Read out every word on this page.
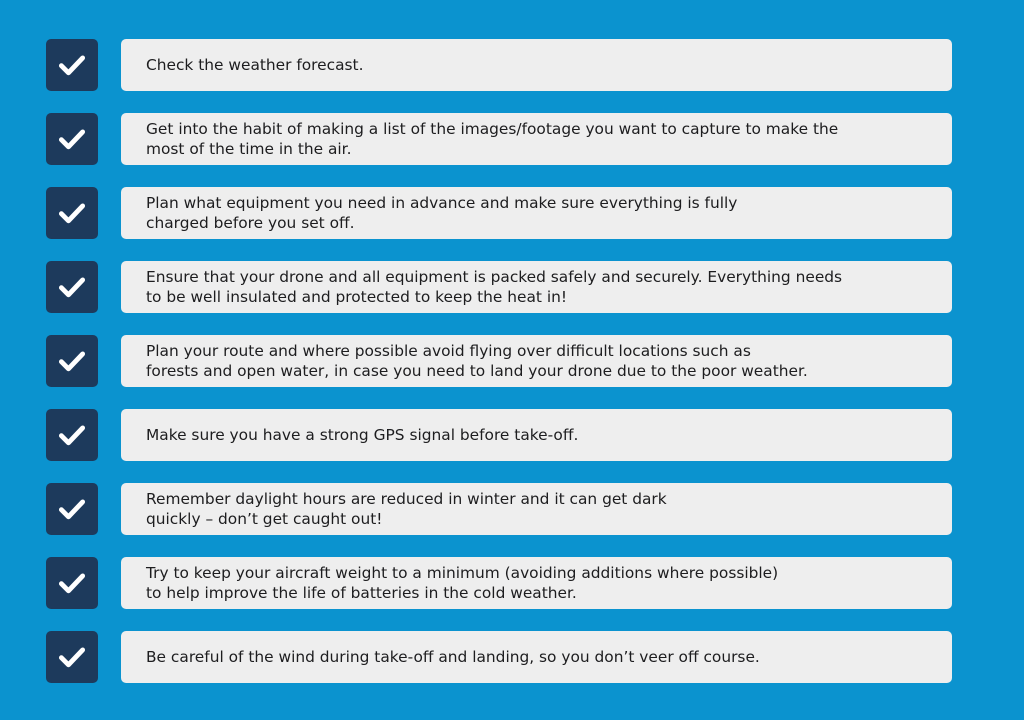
Check the weather forecast.
Get into the habit of making a list of the images/footage you want to capture to make the
most of the time in the air.
Plan what equipment you need in advance and make sure everything is fully
charged before you set off.
Ensure that your drone and all equipment is packed safely and securely. Everything needs
to be well insulated and protected to keep the heat in!
Plan your route and where possible avoid flying over difficult locations such as
forests and open water, in case you need to land your drone due to the poor weather.
Make sure you have a strong GPS signal before take-off.
Remember daylight hours are reduced in winter and it can get dark
quickly – don’t get caught out!
Try to keep your aircraft weight to a minimum (avoiding additions where possible)
to help improve the life of batteries in the cold weather.
Be careful of the wind during take-off and landing, so you don’t veer off course.
